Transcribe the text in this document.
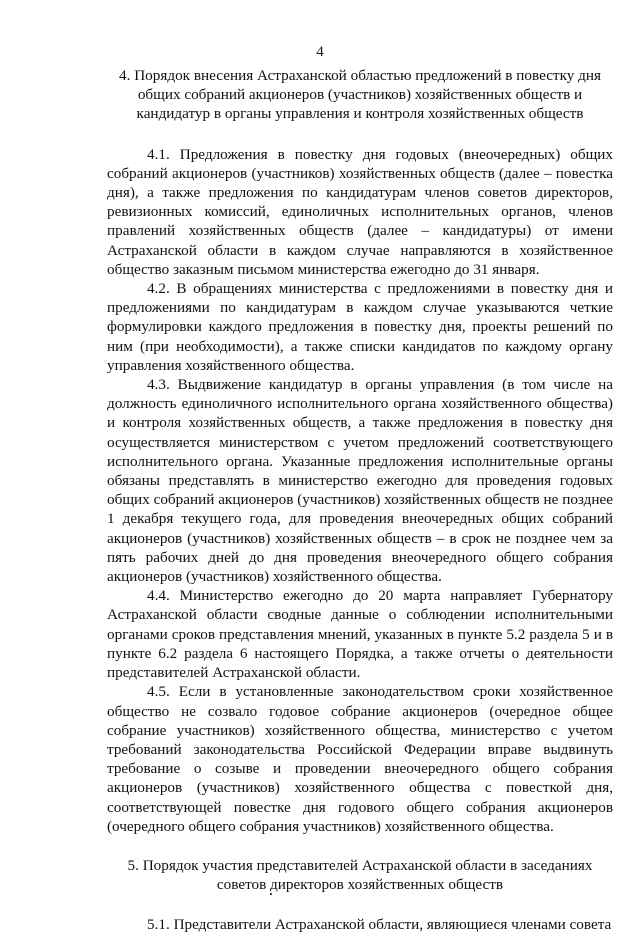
4
4. Порядок внесения Астраханской областью предложений в повестку дня общих собраний акционеров (участников) хозяйственных обществ и кандидатур в органы управления и контроля хозяйственных обществ

4.1. Предложения в повестку дня годовых (внеочередных) общих собраний акционеров (участников) хозяйственных обществ (далее – повестка дня), а также предложения по кандидатурам членов советов директоров, ревизионных комиссий, единоличных исполнительных органов, членов правлений хозяйственных обществ (далее – кандидатуры) от имени Астраханской области в каждом случае направляются в хозяйственное общество заказным письмом министерства ежегодно до 31 января.

4.2. В обращениях министерства с предложениями в повестку дня и предложениями по кандидатурам в каждом случае указываются четкие формулировки каждого предложения в повестку дня, проекты решений по ним (при необходимости), а также списки кандидатов по каждому органу управления хозяйственного общества.

4.3. Выдвижение кандидатур в органы управления (в том числе на должность единоличного исполнительного органа хозяйственного общества) и контроля хозяйственных обществ, а также предложения в повестку дня осуществляется министерством с учетом предложений соответствующего исполнительного органа. Указанные предложения исполнительные органы обязаны представлять в министерство ежегодно для проведения годовых общих собраний акционеров (участников) хозяйственных обществ не позднее 1 декабря текущего года, для проведения внеочередных общих собраний акционеров (участников) хозяйственных обществ – в срок не позднее чем за пять рабочих дней до дня проведения внеочередного общего собрания акционеров (участников) хозяйственного общества.

4.4. Министерство ежегодно до 20 марта направляет Губернатору Астраханской области сводные данные о соблюдении исполнительными органами сроков представления мнений, указанных в пункте 5.2 раздела 5 и в пункте 6.2 раздела 6 настоящего Порядка, а также отчеты о деятельности представителей Астраханской области.

4.5. Если в установленные законодательством сроки хозяйственное общество не созвало годовое собрание акционеров (очередное общее собрание участников) хозяйственного общества, министерство с учетом требований законодательства Российской Федерации вправе выдвинуть требование о созыве и проведении внеочередного общего собрания акционеров (участников) хозяйственного общества с повесткой дня, соответствующей повестке дня годового общего собрания акционеров (очередного общего собрания участников) хозяйственного общества.

5. Порядок участия представителей Астраханской области в заседаниях советов директоров хозяйственных обществ

5.1. Представители Астраханской области, являющиеся членами совета
